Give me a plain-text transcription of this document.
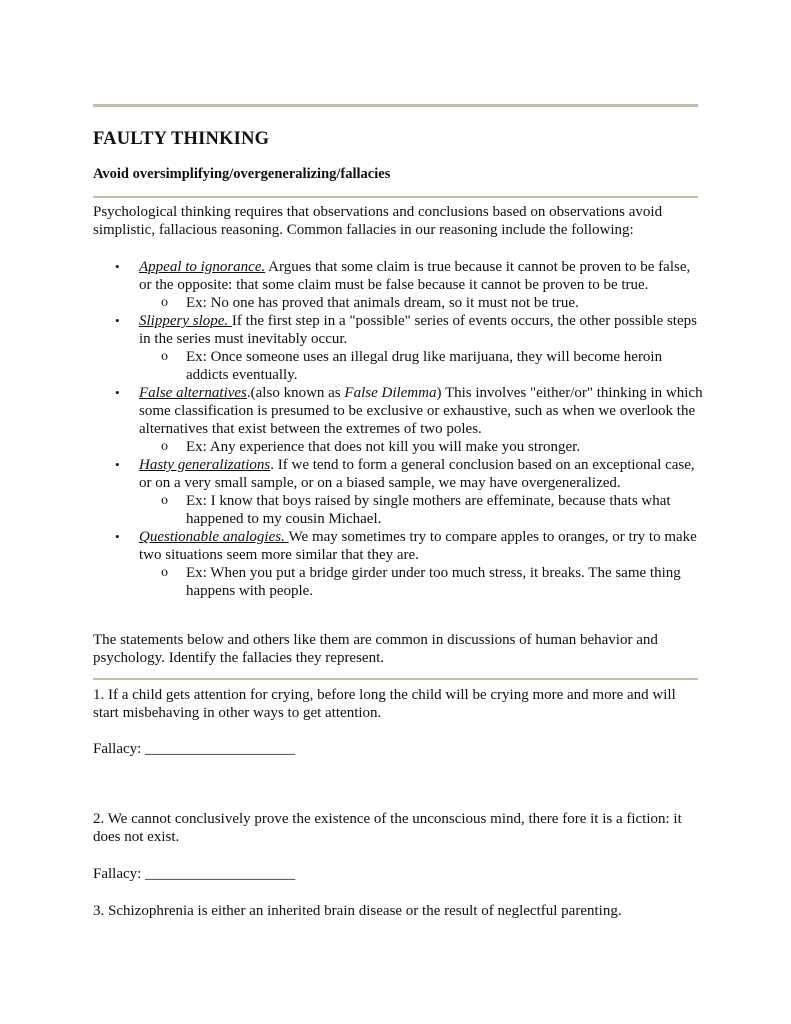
FAULTY THINKING
Avoid oversimplifying/overgeneralizing/fallacies
Psychological thinking requires that observations and conclusions based on observations avoid simplistic, fallacious reasoning. Common fallacies in our reasoning include the following:
• Appeal to ignorance. Argues that some claim is true because it cannot be proven to be false, or the opposite: that some claim must be false because it cannot be proven to be true.
o Ex: No one has proved that animals dream, so it must not be true.
• Slippery slope. If the first step in a "possible" series of events occurs, the other possible steps in the series must inevitably occur.
o Ex: Once someone uses an illegal drug like marijuana, they will become heroin addicts eventually.
• False alternatives.(also known as False Dilemma) This involves "either/or" thinking in which some classification is presumed to be exclusive or exhaustive, such as when we overlook the alternatives that exist between the extremes of two poles.
o Ex: Any experience that does not kill you will make you stronger.
• Hasty generalizations. If we tend to form a general conclusion based on an exceptional case, or on a very small sample, or on a biased sample, we may have overgeneralized.
o Ex: I know that boys raised by single mothers are effeminate, because thats what happened to my cousin Michael.
• Questionable analogies. We may sometimes try to compare apples to oranges, or try to make two situations seem more similar that they are.
o Ex: When you put a bridge girder under too much stress, it breaks. The same thing happens with people.
The statements below and others like them are common in discussions of human behavior and psychology. Identify the fallacies they represent.
1. If a child gets attention for crying, before long the child will be crying more and more and will start misbehaving in other ways to get attention.
Fallacy: ____________________
2. We cannot conclusively prove the existence of the unconscious mind, there fore it is a fiction: it does not exist.
Fallacy: ____________________
3. Schizophrenia is either an inherited brain disease or the result of neglectful parenting.
